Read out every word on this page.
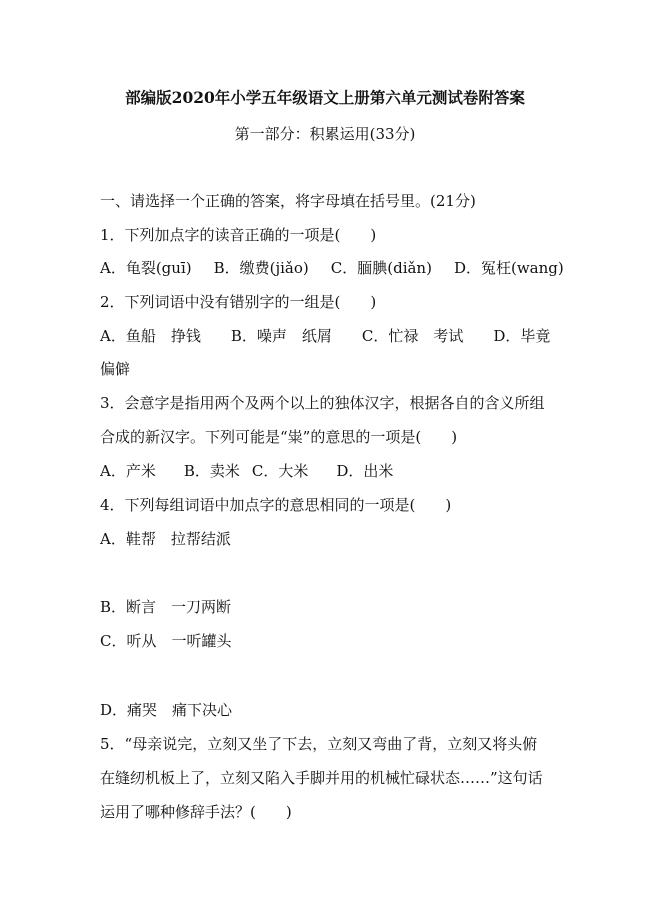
部编版2020年小学五年级语文上册第六单元测试卷附答案
第一部分：积累运用(33分)
一、请选择一个正确的答案，将字母填在括号里。(21分)
1．下列加点字的读音正确的一项是(　　)
A．龟裂(guī) B．缴费(jiǎo) C．腼腆(diǎn) D．冤枉(wang)
2．下列词语中没有错别字的一组是(　　)
A．鱼船　挣钱 B．噪声　纸屑 C．忙禄　考试 D．毕竟
偏僻
3．会意字是指用两个及两个以上的独体汉字，根据各自的含义所组
合成的新汉字。下列可能是“粜”的意思的一项是(　　)
A．产米 B．卖米 C．大米 D．出米
4．下列每组词语中加点字的意思相同的一项是(　　)
A．鞋帮　拉帮结派
B．断言　一刀两断
C．听从　一听罐头
D．痛哭　痛下决心
5．“母亲说完，立刻又坐了下去，立刻又弯曲了背，立刻又将头俯
在缝纫机板上了，立刻又陷入手脚并用的机械忙碌状态……”这句话
运用了哪种修辞手法？(　　)
